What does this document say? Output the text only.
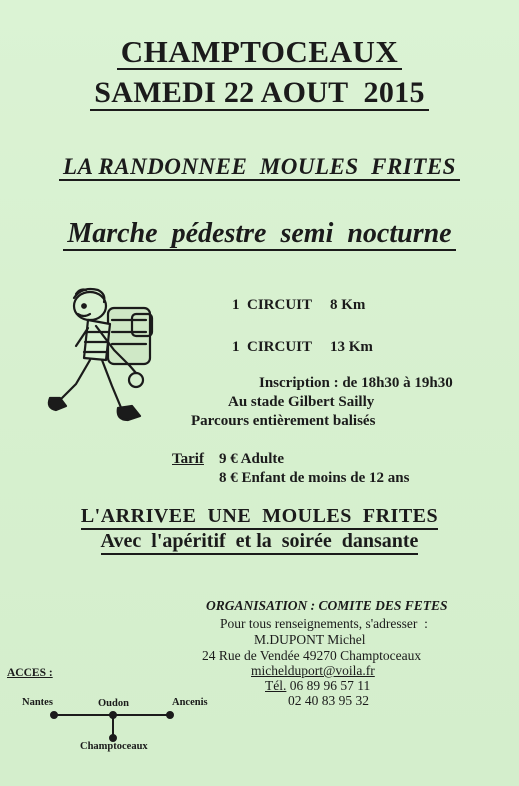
CHAMPTOCEAUX
SAMEDI 22 AOUT  2015
LA RANDONNEE  MOULES  FRITES
Marche  pédestre  semi  nocturne
1  CIRCUIT 8 Km
1  CIRCUIT 13 Km
Inscription : de 18h30 à 19h30
Au stade Gilbert Sailly
Parcours entièrement balisés
Tarif 9 € Adulte
8 € Enfant de moins de 12 ans
L'ARRIVEE  UNE  MOULES  FRITES
Avec  l'apéritif  et la  soirée  dansante
ORGANISATION : COMITE DES FETES
Pour tous renseignements, s'adresser  :
M.DUPONT Michel
24 Rue de Vendée 49270 Champtoceaux
michelduport@voila.fr
Tél. 06 89 96 57 11
02 40 83 95 32
ACCES :
Nantes	Oudon	Ancenis
Champtoceaux
